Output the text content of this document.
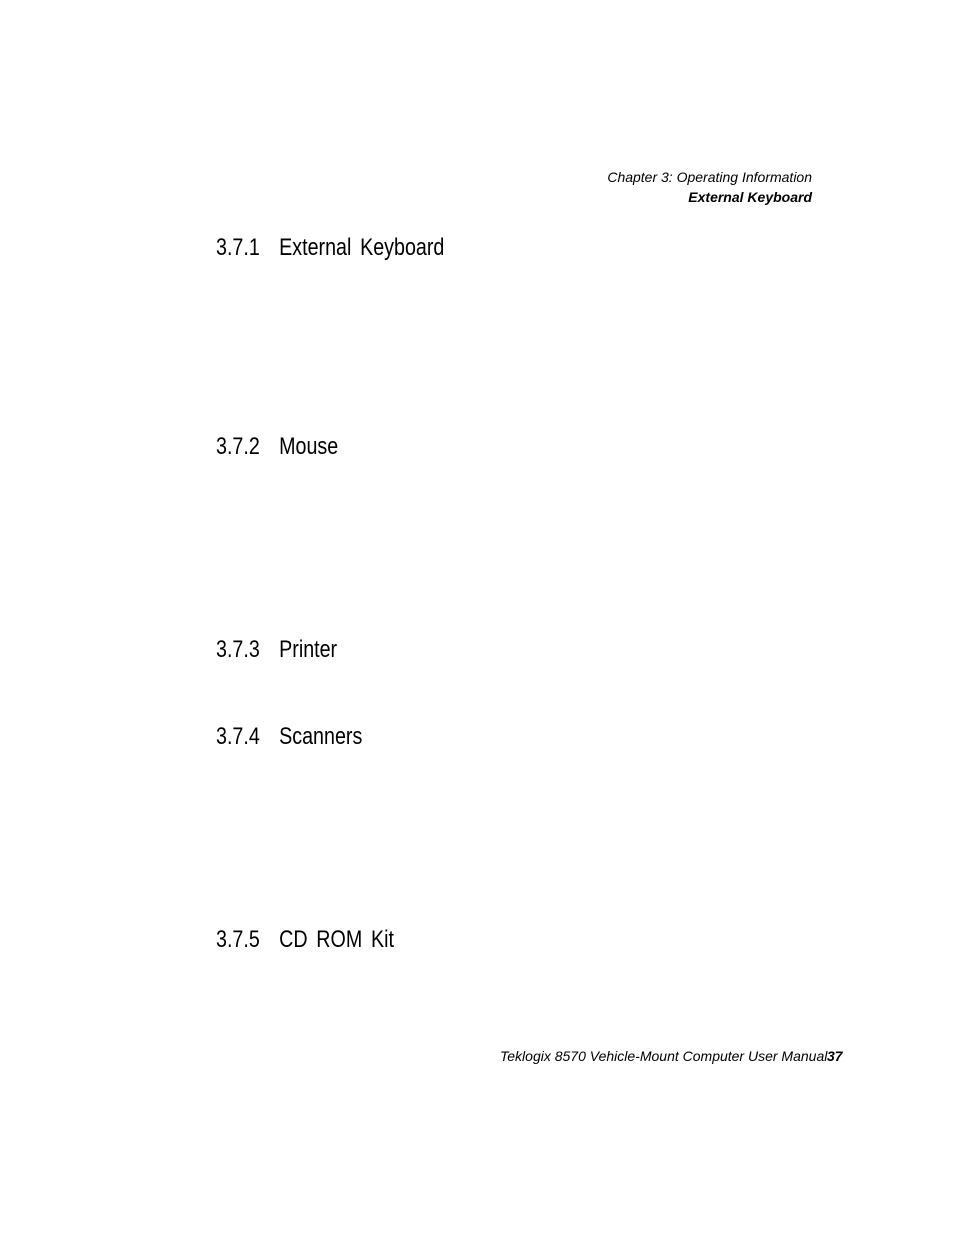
Chapter 3: Operating Information
External Keyboard
3.7.1 External Keyboard
3.7.2 Mouse
3.7.3 Printer
3.7.4 Scanners
3.7.5 CD ROM Kit
Teklogix 8570 Vehicle-Mount Computer User Manual 37
